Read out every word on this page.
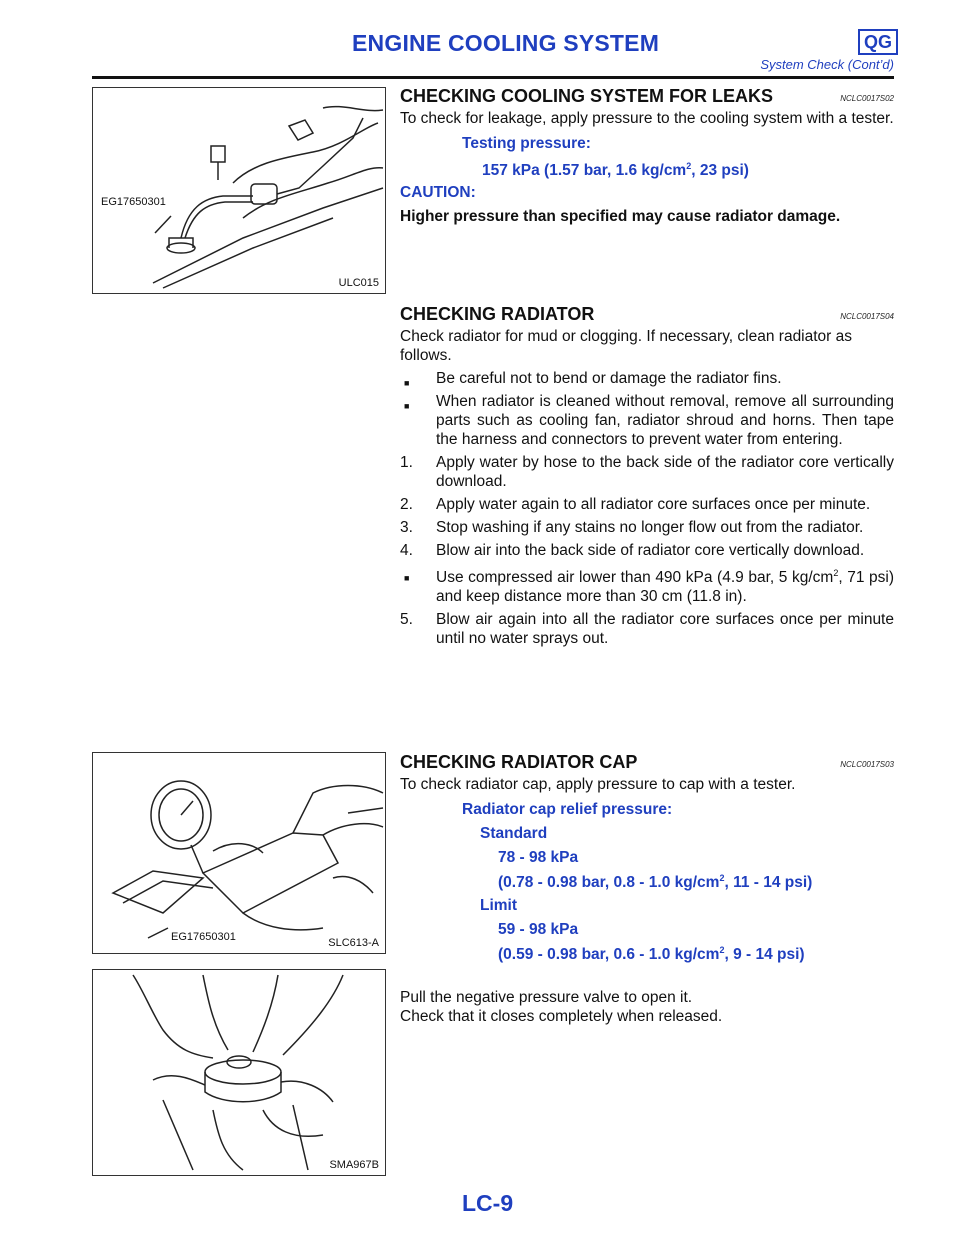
ENGINE COOLING SYSTEM	QG
System Check (Cont’d)
EG17650301
ULC015
EG17650301	SLC613-A
SMA967B
CHECKING COOLING SYSTEM FOR LEAKS	NCLC0017S02

To check for leakage, apply pressure to the cooling system with a tester.

Testing pressure:
157 kPa (1.57 bar, 1.6 $kg/cm^2$, 23 psi)
CAUTION:
Higher pressure than specified may cause radiator damage.
CHECKING RADIATOR	NCLC0017S04

Check radiator for mud or clogging. If necessary, clean radiator as follows.

■	Be careful not to bend or damage the radiator fins.
■	When radiator is cleaned without removal, remove all surrounding parts such as cooling fan, radiator shroud and horns. Then tape the harness and connectors to prevent water from entering.
1.	Apply water by hose to the back side of the radiator core vertically download.
2.	Apply water again to all radiator core surfaces once per minute.
3.	Stop washing if any stains no longer flow out from the radiator.
4.	Blow air into the back side of radiator core vertically download.
■	Use compressed air lower than 490 kPa (4.9 bar, 5 $kg/cm^2$, 71 psi) and keep distance more than 30 cm (11.8 in).
5.	Blow air again into all the radiator core surfaces once per minute until no water sprays out.
CHECKING RADIATOR CAP	NCLC0017S03

To check radiator cap, apply pressure to cap with a tester.

Radiator cap relief pressure:
Standard
78 - 98 kPa
(0.78 - 0.98 bar, 0.8 - 1.0 $kg/cm^2$, 11 - 14 psi)
Limit
59 - 98 kPa
(0.59 - 0.98 bar, 0.6 - 1.0 $kg/cm^2$, 9 - 14 psi)

Pull the negative pressure valve to open it.

Check that it closes completely when released.

LC-9
